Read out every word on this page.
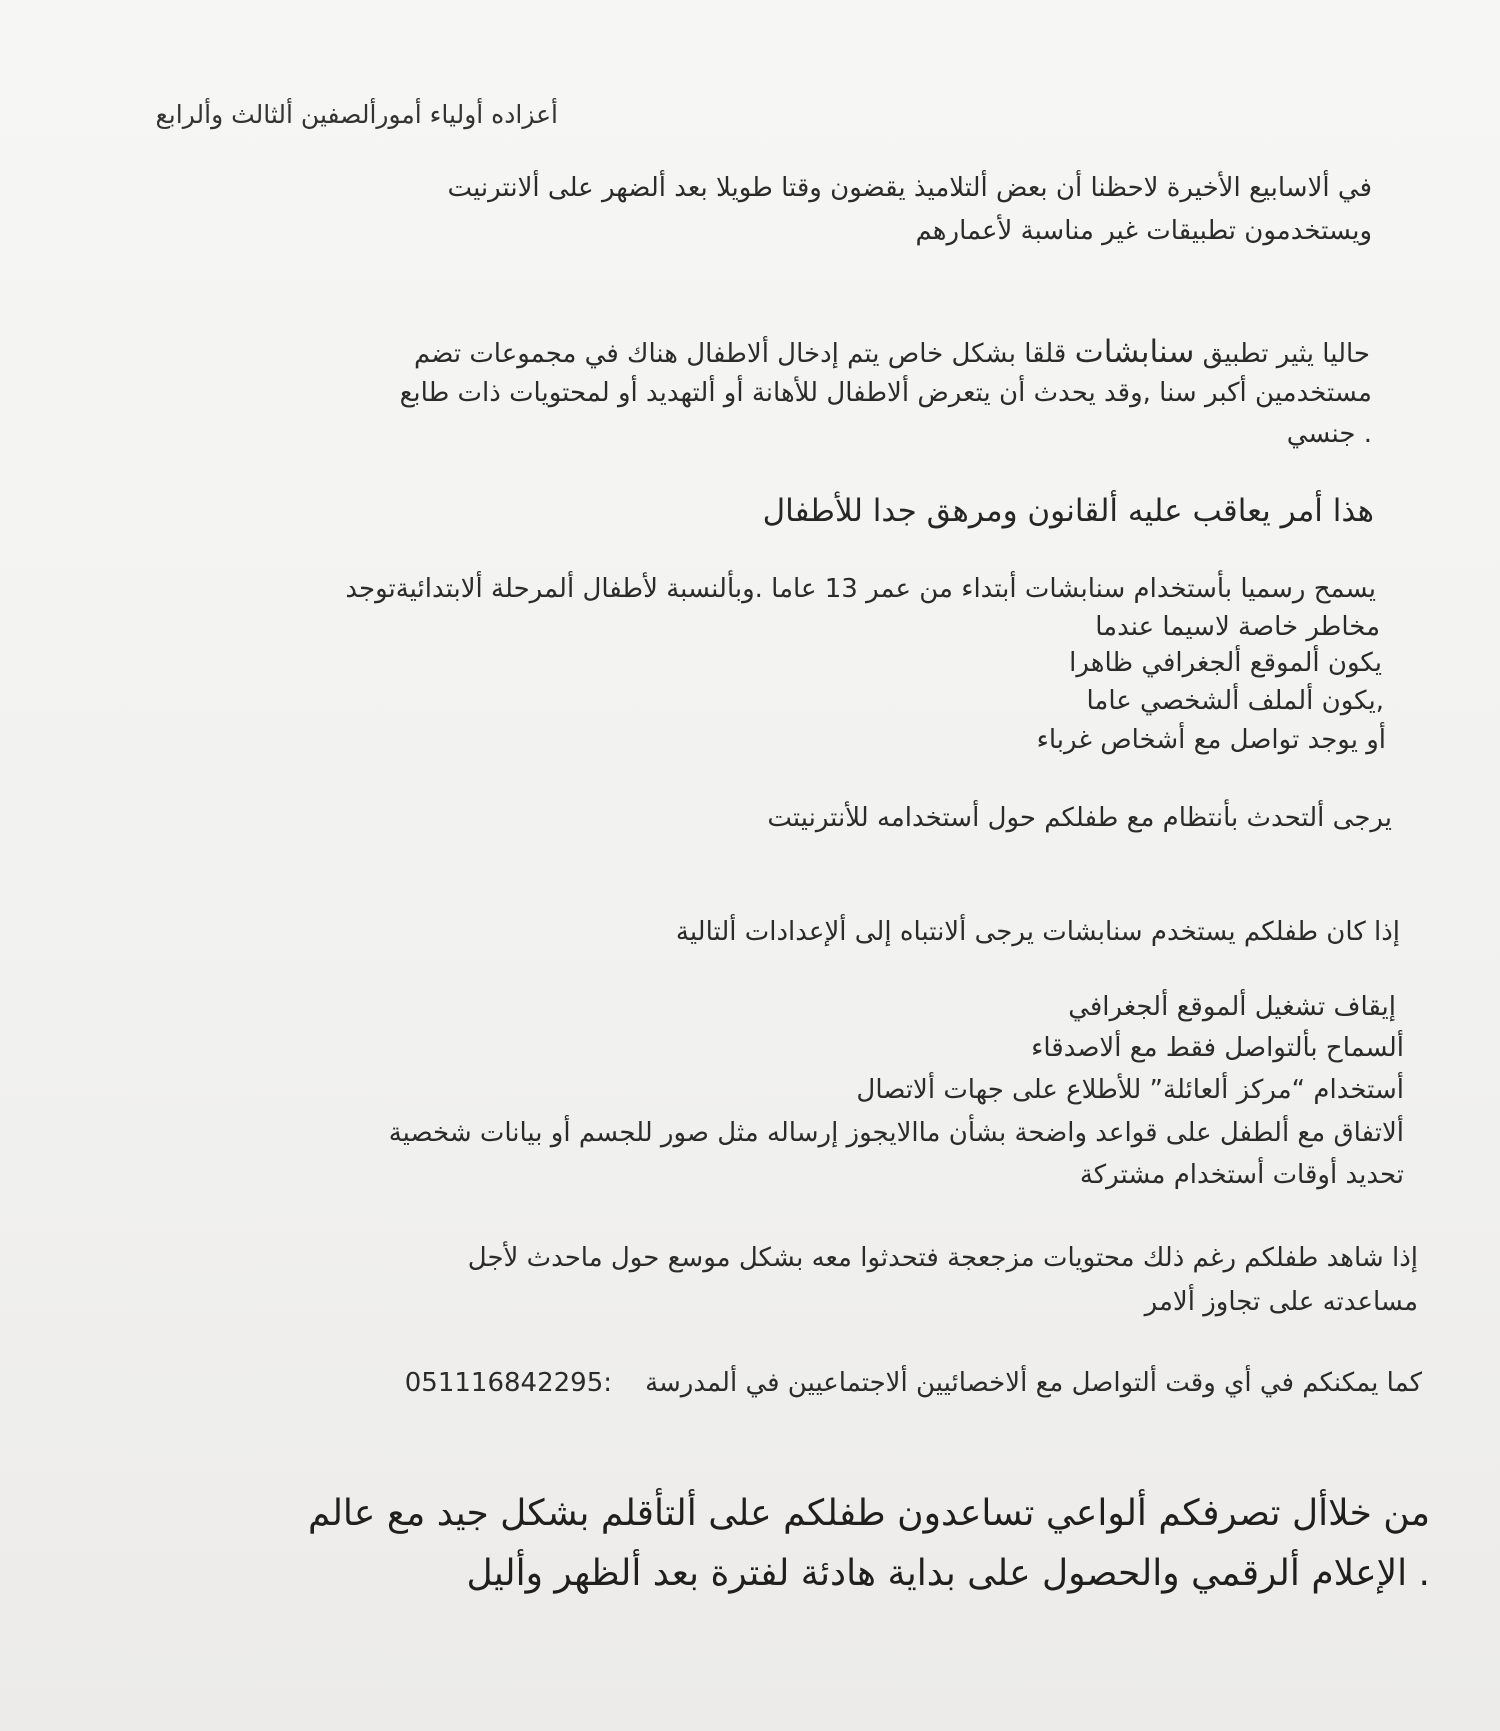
أعزاده أولياء أمورألصفين ألثالث وألرابع

في ألاسابيع الأخيرة لاحظنا أن بعض ألتلاميذ يقضون وقتا طويلا بعد ألضهر على ألانترنيت

ويستخدمون تطبيقات غير مناسبة لأعمارهم

حاليا يثير تطبيق سنابشات قلقا بشكل خاص يتم إدخال ألاطفال هناك في مجموعات تضم

مستخدمين أكبر سنا ,وقد يحدث أن يتعرض ألاطفال للأهانة أو ألتهديد أو لمحتويات ذات طابع

. جنسي

هذا أمر يعاقب عليه ألقانون ومرهق جدا للأطفال

يسمح رسميا بأستخدام سنابشات أبتداء من عمر 13 عاما .وبألنسبة لأطفال ألمرحلة ألابتدائيةتوجد

مخاطر خاصة لاسيما عندما

يكون ألموقع ألجغرافي ظاهرا

,يكون ألملف ألشخصي عاما

أو يوجد تواصل مع أشخاص غرباء

يرجى ألتحدث بأنتظام مع طفلكم حول أستخدامه للأنترنيتت

إذا كان طفلكم يستخدم سنابشات يرجى ألانتباه إلى ألإعدادات ألتالية

إيقاف تشغيل ألموقع ألجغرافي

ألسماح بألتواصل فقط مع ألاصدقاء

أستخدام “مركز ألعائلة” للأطلاع على جهات ألاتصال

ألاتفاق مع ألطفل على قواعد واضحة بشأن ماالايجوز إرساله مثل صور للجسم أو بيانات شخصية

تحديد أوقات أستخدام مشتركة

إذا شاهد طفلكم رغم ذلك محتويات مزجعجة فتحدثوا معه بشكل موسع حول ماحدث لأجل

مساعدته على تجاوز ألامر

كما يمكنكم في أي وقت ألتواصل مع ألاخصائيين ألاجتماعيين في ألمدرسة    051116842295:

من خلاأل تصرفكم ألواعي تساعدون طفلكم على ألتأقلم بشكل جيد مع عالم

. الإعلام ألرقمي والحصول على بداية هادئة لفترة بعد ألظهر وأليل
